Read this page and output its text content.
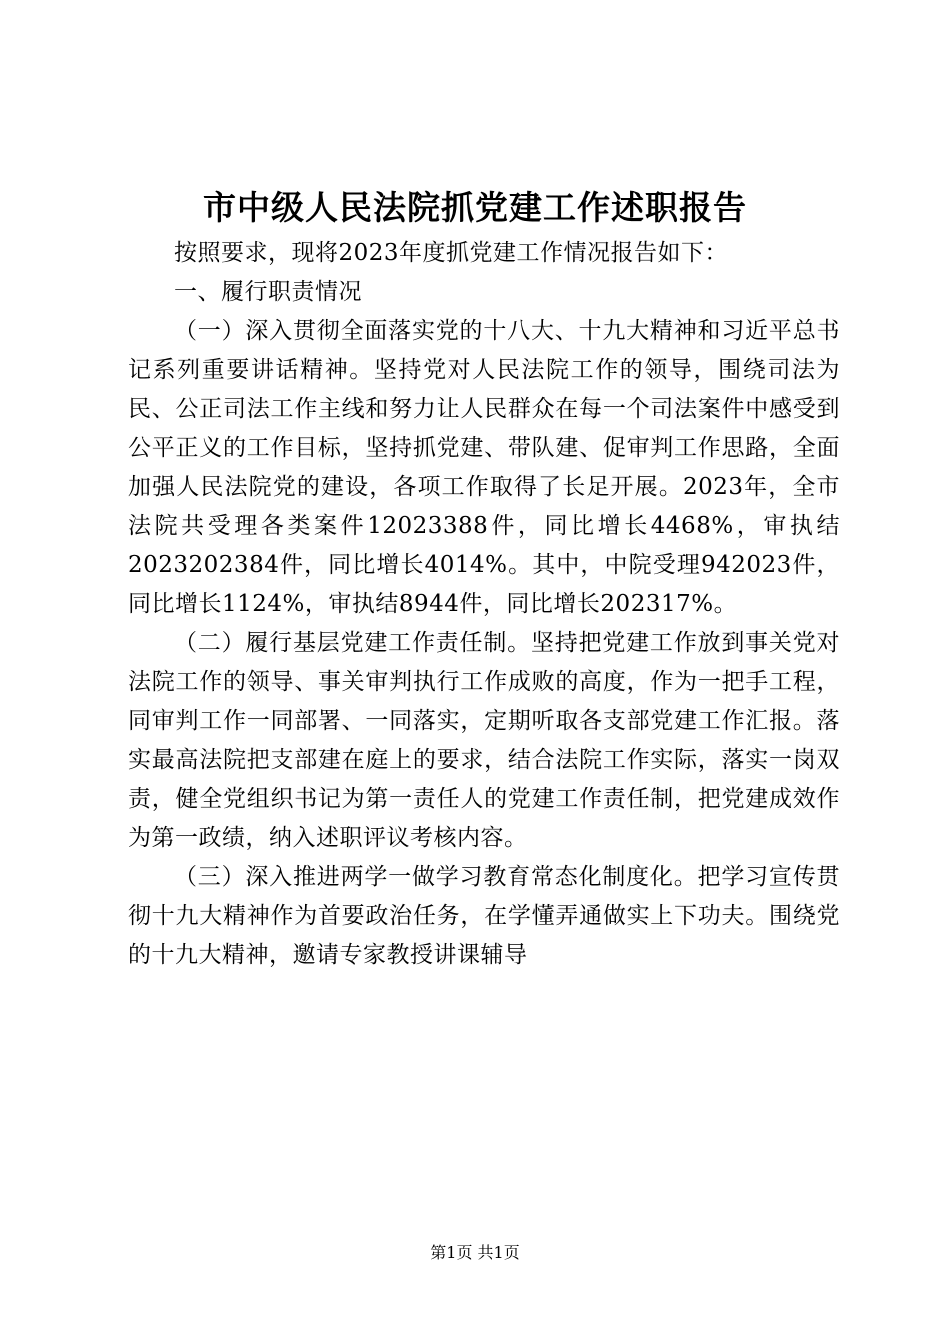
市中级人民法院抓党建工作述职报告

按照要求，现将2023年度抓党建工作情况报告如下：

一、履行职责情况

（一）深入贯彻全面落实党的十八大、十九大精神和习近平总书记系列重要讲话精神。坚持党对人民法院工作的领导，围绕司法为民、公正司法工作主线和努力让人民群众在每一个司法案件中感受到公平正义的工作目标，坚持抓党建、带队建、促审判工作思路，全面加强人民法院党的建设，各项工作取得了长足开展。2023年，全市法院共受理各类案件12023388件，同比增长4468%，审执结2023202384件，同比增长4014%。其中，中院受理942023件，同比增长1124%，审执结8944件，同比增长202317%。

（二）履行基层党建工作责任制。坚持把党建工作放到事关党对法院工作的领导、事关审判执行工作成败的高度，作为一把手工程，同审判工作一同部署、一同落实，定期听取各支部党建工作汇报。落实最高法院把支部建在庭上的要求，结合法院工作实际，落实一岗双责，健全党组织书记为第一责任人的党建工作责任制，把党建成效作为第一政绩，纳入述职评议考核内容。

（三）深入推进两学一做学习教育常态化制度化。把学习宣传贯彻十九大精神作为首要政治任务，在学懂弄通做实上下功夫。围绕党的十九大精神，邀请专家教授讲课辅导

第1页 共1页
